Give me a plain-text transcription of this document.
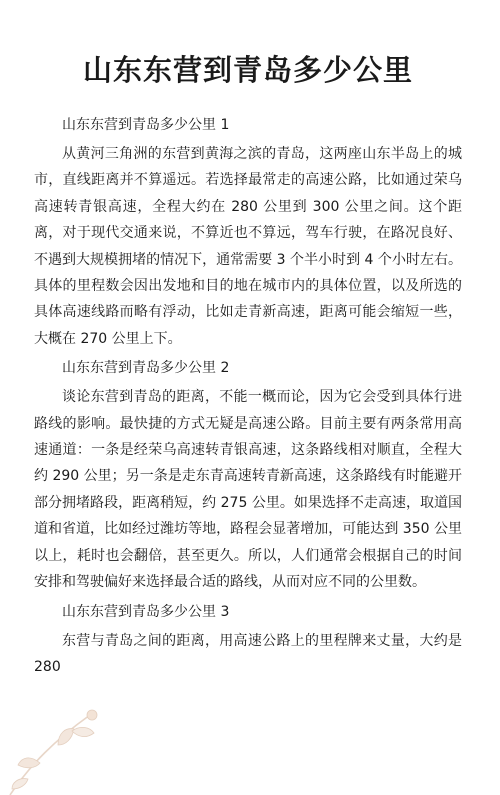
山东东营到青岛多少公里
山东东营到青岛多少公里 1

从黄河三角洲的东营到黄海之滨的青岛，这两座山东半岛上的城市，直线距离并不算遥远。若选择最常走的高速公路，比如通过荣乌高速转青银高速，全程大约在 280 公里到 300 公里之间。这个距离，对于现代交通来说，不算近也不算远，驾车行驶，在路况良好、不遇到大规模拥堵的情况下，通常需要 3 个半小时到 4 个小时左右。具体的里程数会因出发地和目的地在城市内的具体位置，以及所选的具体高速线路而略有浮动，比如走青新高速，距离可能会缩短一些，大概在 270 公里上下。

山东东营到青岛多少公里 2

谈论东营到青岛的距离，不能一概而论，因为它会受到具体行进路线的影响。最快捷的方式无疑是高速公路。目前主要有两条常用高速通道：一条是经荣乌高速转青银高速，这条路线相对顺直，全程大约 290 公里；另一条是走东青高速转青新高速，这条路线有时能避开部分拥堵路段，距离稍短，约 275 公里。如果选择不走高速，取道国道和省道，比如经过潍坊等地，路程会显著增加，可能达到 350 公里以上，耗时也会翻倍，甚至更久。所以，人们通常会根据自己的时间安排和驾驶偏好来选择最合适的路线，从而对应不同的公里数。

山东东营到青岛多少公里 3

东营与青岛之间的距离，用高速公路上的里程牌来丈量，大约是 280
